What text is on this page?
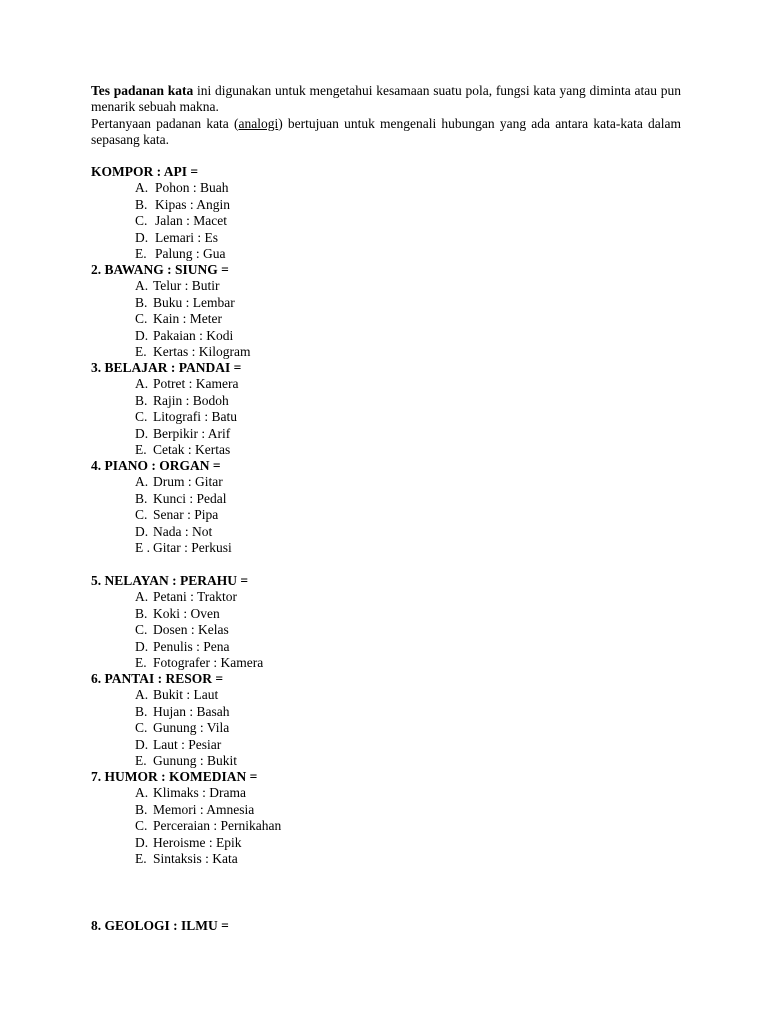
Tes padanan kata ini digunakan untuk mengetahui kesamaan suatu pola, fungsi kata yang diminta atau pun menarik sebuah makna.

Pertanyaan padanan kata (analogi) bertujuan untuk mengenali hubungan yang ada antara kata-kata dalam sepasang kata.

KOMPOR : API =

A. Pohon : Buah
B. Kipas : Angin
C. Jalan : Macet
D. Lemari : Es
E. Palung : Gua

2. BAWANG : SIUNG =

A. Telur : Butir
B. Buku : Lembar
C. Kain : Meter
D. Pakaian : Kodi
E. Kertas : Kilogram

3. BELAJAR : PANDAI =

A. Potret : Kamera
B. Rajin : Bodoh
C. Litografi : Batu
D. Berpikir : Arif
E. Cetak : Kertas

4. PIANO : ORGAN =

A. Drum : Gitar
B. Kunci : Pedal
C. Senar : Pipa
D. Nada : Not
E . Gitar : Perkusi

5. NELAYAN : PERAHU =

A. Petani : Traktor
B. Koki : Oven
C. Dosen : Kelas
D. Penulis : Pena
E. Fotografer : Kamera

6. PANTAI : RESOR =

A. Bukit : Laut
B. Hujan : Basah
C. Gunung : Vila
D. Laut : Pesiar
E. Gunung : Bukit

7. HUMOR : KOMEDIAN =

A. Klimaks : Drama
B. Memori : Amnesia
C. Perceraian : Pernikahan
D. Heroisme : Epik
E. Sintaksis : Kata

8. GEOLOGI : ILMU =
